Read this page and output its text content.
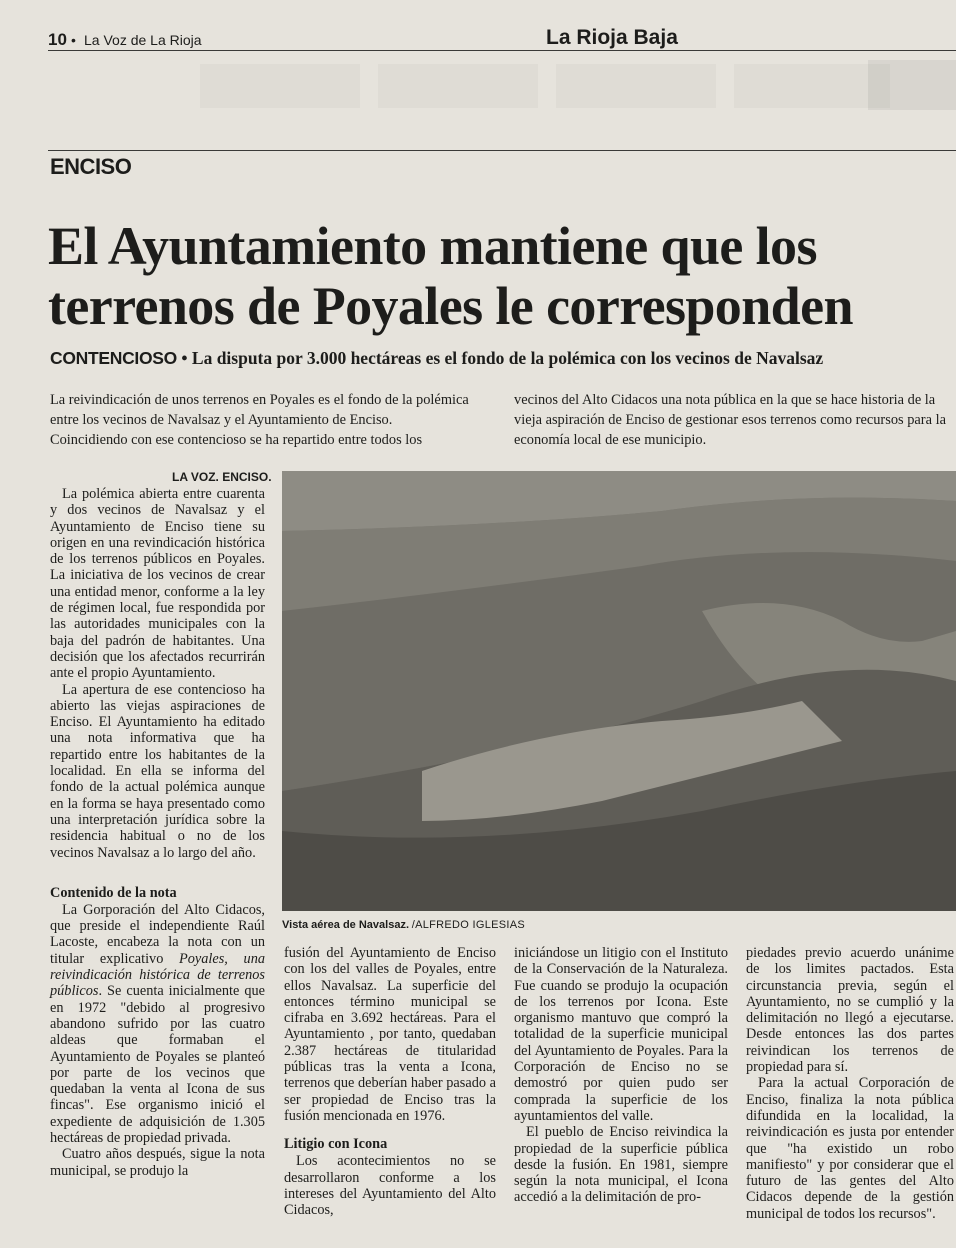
10 • La Voz de La Rioja	La Rioja Baja
ENCISO
El Ayuntamiento mantiene que los terrenos de Poyales le corresponden
CONTENCIOSO • La disputa por 3.000 hectáreas es el fondo de la polémica con los vecinos de Navalsaz
La reivindicación de unos terrenos en Poyales es el fondo de la polémica entre los vecinos de Navalsaz y el Ayuntamiento de Enciso. Coincidiendo con ese contencioso se ha repartido entre todos los
vecinos del Alto Cidacos una nota pública en la que se hace historia de la vieja aspiración de Enciso de gestionar esos terrenos como recursos para la economía local de ese municipio.
LA VOZ. ENCISO.

La polémica abierta entre cuarenta y dos vecinos de Navalsaz y el Ayuntamiento de Enciso tiene su origen en una revindicación histórica de los terrenos públicos en Poyales. La iniciativa de los vecinos de crear una entidad menor, conforme a la ley de régimen local, fue respondida por las autoridades municipales con la baja del padrón de habitantes. Una decisión que los afectados recurrirán ante el propio Ayuntamiento.

La apertura de ese contencioso ha abierto las viejas aspiraciones de Enciso. El Ayuntamiento ha editado una nota informativa que ha repartido entre los habitantes de la localidad. En ella se informa del fondo de la actual polémica aunque en la forma se haya presentado como una interpretación jurídica sobre la residencia habitual o no de los vecinos Navalsaz a lo largo del año.

Contenido de la nota

La Gorporación del Alto Cidacos, que preside el independiente Raúl Lacoste, encabeza la nota con un titular explicativo Poyales, una reivindicación histórica de terrenos públicos. Se cuenta inicialmente que en 1972 "debido al progresivo abandono sufrido por las cuatro aldeas que formaban el Ayuntamiento de Poyales se planteó por parte de los vecinos que quedaban la venta al Icona de sus fincas". Ese organismo inició el expediente de adquisición de 1.305 hectáreas de propiedad privada.

Cuatro años después, sigue la nota municipal, se produjo la

Vista aérea de Navalsaz. /ALFREDO IGLESIAS

fusión del Ayuntamiento de Enciso con los del valles de Poyales, entre ellos Navalsaz. La superficie del entonces término municipal se cifraba en 3.692 hectáreas. Para el Ayuntamiento , por tanto, quedaban 2.387 hectáreas de titularidad públicas tras la venta a Icona, terrenos que deberían haber pasado a ser propiedad de Enciso tras la fusión mencionada en 1976.

Litigio con Icona

Los acontecimientos no se desarrollaron conforme a los intereses del Ayuntamiento del Alto Cidacos,

iniciándose un litigio con el Instituto de la Conservación de la Naturaleza. Fue cuando se produjo la ocupación de los terrenos por Icona. Este organismo mantuvo que compró la totalidad de la superficie municipal del Ayuntamiento de Poyales. Para la Corporación de Enciso no se demostró por quien pudo ser comprada la superficie de los ayuntamientos del valle.

El pueblo de Enciso reivindica la propiedad de la superficie pública desde la fusión. En 1981, siempre según la nota municipal, el Icona accedió a la delimitación de pro-

piedades previo acuerdo unánime de los limites pactados. Esta circunstancia previa, según el Ayuntamiento, no se cumplió y la delimitación no llegó a ejecutarse. Desde entonces las dos partes reivindican los terrenos de propiedad para sí.

Para la actual Corporación de Enciso, finaliza la nota pública difundida en la localidad, la reivindicación es justa por entender que "ha existido un robo manifiesto" y por considerar que el futuro de las gentes del Alto Cidacos depende de la gestión municipal de todos los recursos".
